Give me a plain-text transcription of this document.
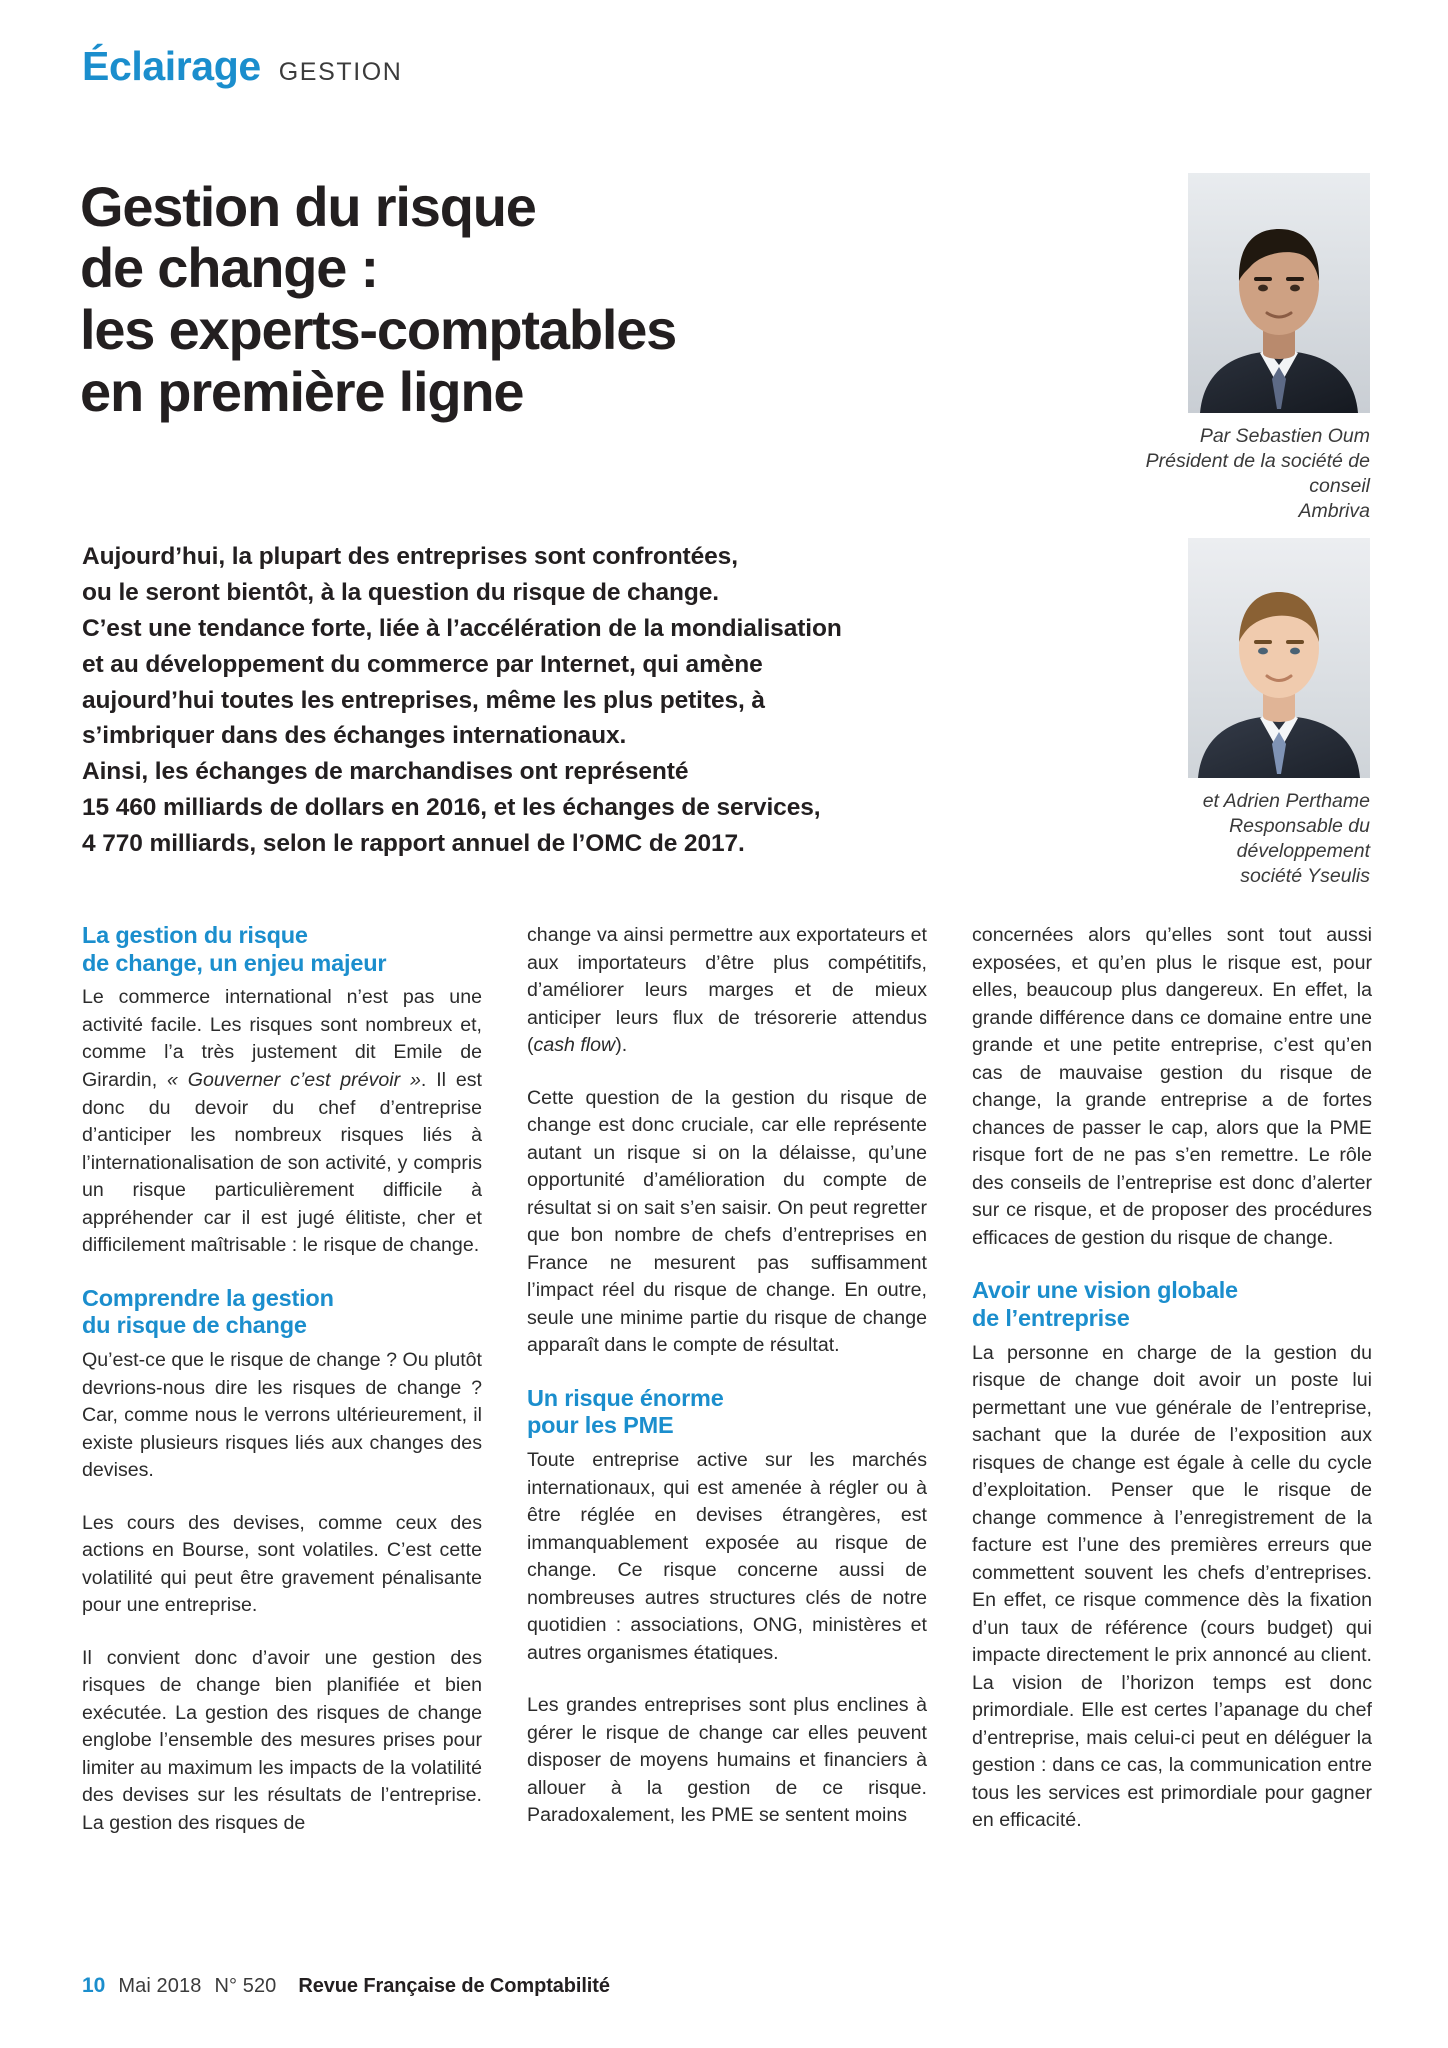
Éclairage GESTION
Gestion du risque
de change :
les experts-comptables
en première ligne
Par Sebastien Oum
Président de la société de conseil
Ambriva
et Adrien Perthame
Responsable du développement
société Yseulis
Aujourd’hui, la plupart des entreprises sont confrontées,
ou le seront bientôt, à la question du risque de change.
C’est une tendance forte, liée à l’accélération de la mondialisation
et au développement du commerce par Internet, qui amène
aujourd’hui toutes les entreprises, même les plus petites, à
s’imbriquer dans des échanges internationaux.
Ainsi, les échanges de marchandises ont représenté
15 460 milliards de dollars en 2016, et les échanges de services,
4 770 milliards, selon le rapport annuel de l’OMC de 2017.
La gestion du risque
de change, un enjeu majeur

Le commerce international n’est pas une activité facile. Les risques sont nombreux et, comme l’a très justement dit Emile de Girardin, « Gouverner c’est prévoir ». Il est donc du devoir du chef d’entreprise d’anticiper les nombreux risques liés à l’internationalisation de son activité, y compris un risque particulièrement difficile à appréhender car il est jugé élitiste, cher et difficilement maîtrisable : le risque de change.

Comprendre la gestion
du risque de change

Qu’est-ce que le risque de change ? Ou plutôt devrions-nous dire les risques de change ? Car, comme nous le verrons ultérieurement, il existe plusieurs risques liés aux changes des devises.

Les cours des devises, comme ceux des actions en Bourse, sont volatiles. C’est cette volatilité qui peut être gravement pénalisante pour une entreprise.

Il convient donc d’avoir une gestion des risques de change bien planifiée et bien exécutée. La gestion des risques de change englobe l’ensemble des mesures prises pour limiter au maximum les impacts de la volatilité des devises sur les résultats de l’entreprise. La gestion des risques de

change va ainsi permettre aux exportateurs et aux importateurs d’être plus compétitifs, d’améliorer leurs marges et de mieux anticiper leurs flux de trésorerie attendus (cash flow).

Cette question de la gestion du risque de change est donc cruciale, car elle représente autant un risque si on la délaisse, qu’une opportunité d’amélioration du compte de résultat si on sait s’en saisir. On peut regretter que bon nombre de chefs d’entreprises en France ne mesurent pas suffisamment l’impact réel du risque de change. En outre, seule une minime partie du risque de change apparaît dans le compte de résultat.

Un risque énorme
pour les PME

Toute entreprise active sur les marchés internationaux, qui est amenée à régler ou à être réglée en devises étrangères, est immanquablement exposée au risque de change. Ce risque concerne aussi de nombreuses autres structures clés de notre quotidien : associations, ONG, ministères et autres organismes étatiques.

Les grandes entreprises sont plus enclines à gérer le risque de change car elles peuvent disposer de moyens humains et financiers à allouer à la gestion de ce risque. Paradoxalement, les PME se sentent moins

concernées alors qu’elles sont tout aussi exposées, et qu’en plus le risque est, pour elles, beaucoup plus dangereux. En effet, la grande différence dans ce domaine entre une grande et une petite entreprise, c’est qu’en cas de mauvaise gestion du risque de change, la grande entreprise a de fortes chances de passer le cap, alors que la PME risque fort de ne pas s’en remettre. Le rôle des conseils de l’entreprise est donc d’alerter sur ce risque, et de proposer des procédures efficaces de gestion du risque de change.

Avoir une vision globale
de l’entreprise

La personne en charge de la gestion du risque de change doit avoir un poste lui permettant une vue générale de l’entreprise, sachant que la durée de l’exposition aux risques de change est égale à celle du cycle d’exploitation. Penser que le risque de change commence à l’enregistrement de la facture est l’une des premières erreurs que commettent souvent les chefs d’entreprises. En effet, ce risque commence dès la fixation d’un taux de référence (cours budget) qui impacte directement le prix annoncé au client. La vision de l’horizon temps est donc primordiale. Elle est certes l’apanage du chef d’entreprise, mais celui-ci peut en déléguer la gestion : dans ce cas, la communication entre tous les services est primordiale pour gagner en efficacité.

10 Mai 2018 N° 520 Revue Française de Comptabilité
